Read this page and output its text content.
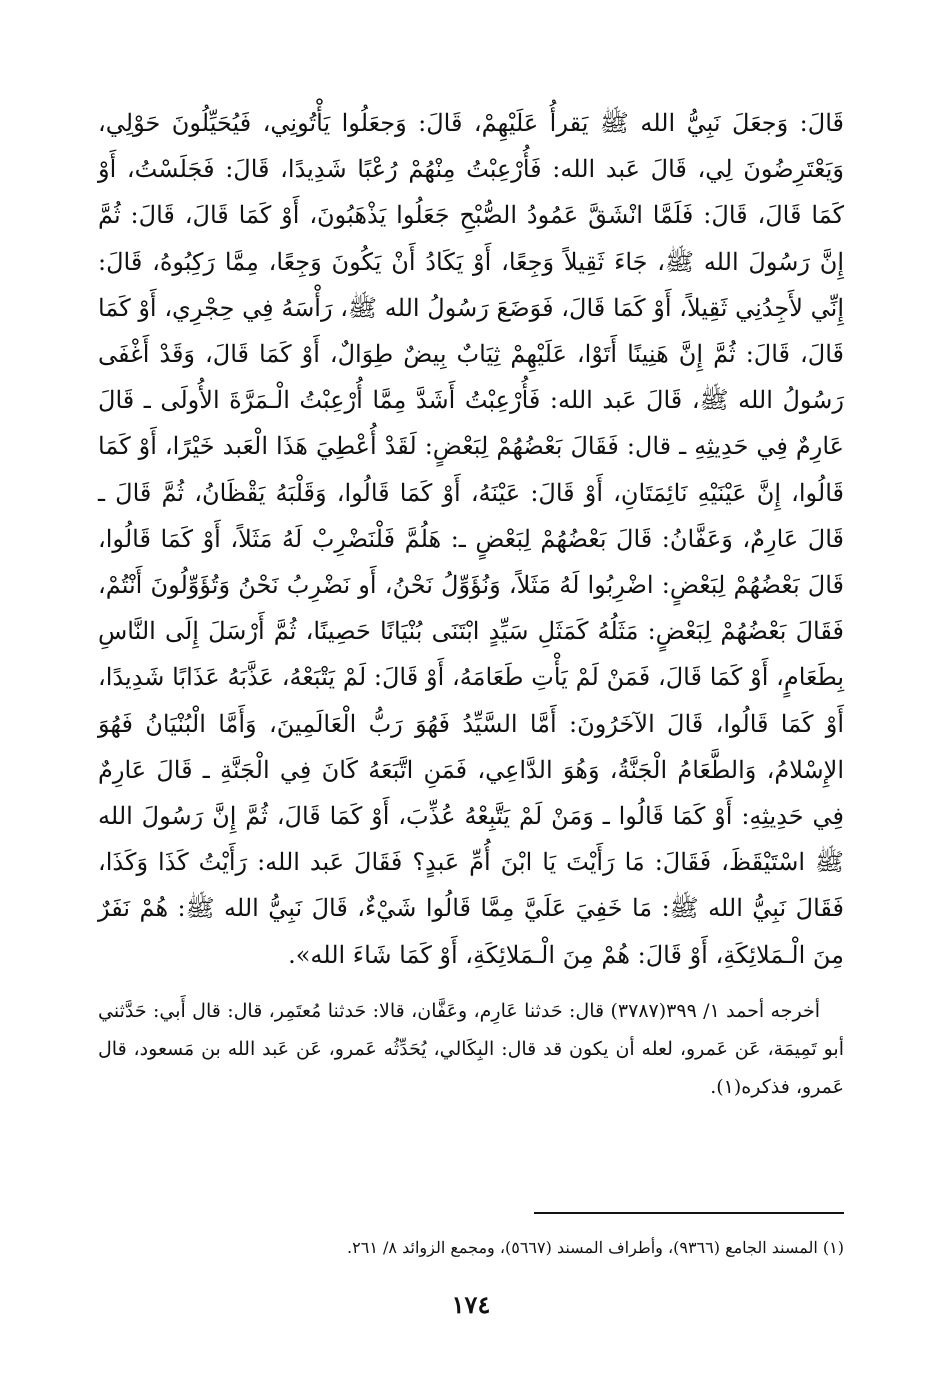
قَالَ: وَجعَلَ نَبِيُّ الله ﷺ يَقرأُ عَلَيْهِمْ، قَالَ: وَجعَلُوا يَأْتُونِي، فَيُحَيِّلُونَ حَوْلِي، وَيَعْتَرِضُونَ لِي، قَالَ عَبد الله: فَأُرْعِبْتُ مِنْهُمْ رُعْبًا شَدِيدًا، قَالَ: فَجَلَسْتُ، أَوْ كَمَا قَالَ، قَالَ: فَلَمَّا انْشَقَّ عَمُودُ الصُّبْحِ جَعَلُوا يَذْهَبُونَ، أَوْ كَمَا قَالَ، قَالَ: ثُمَّ إِنَّ رَسُولَ الله ﷺ، جَاءَ ثَقِيلاً وَجِعًا، أَوْ يَكَادُ أَنْ يَكُونَ وَجِعًا، مِمَّا رَكِبُوهُ، قَالَ: إِنِّي لأَجِدُنِي ثَقِيلاً، أَوْ كَمَا قَالَ، فَوَضَعَ رَسُولُ الله ﷺ، رَأْسَهُ فِي حِجْرِي، أَوْ كَمَا قَالَ، قَالَ: ثُمَّ إِنَّ هَنِينًا أَتَوْا، عَلَيْهِمْ ثِيَابٌ بِيضٌ طِوَالٌ، أَوْ كَمَا قَالَ، وَقَدْ أَغْفَى رَسُولُ الله ﷺ، قَالَ عَبد الله: فَأُرْعِبْتُ أَشَدَّ مِمَّا أُرْعِبْتُ الْـمَرَّةَ الأُولَى ـ قَالَ عَارِمٌ فِي حَدِيثِهِ ـ قال: فَقَالَ بَعْضُهُمْ لِبَعْضٍ: لَقَدْ أُعْطِيَ هَذَا الْعَبد خَيْرًا، أَوْ كَمَا قَالُوا، إِنَّ عَيْنَيْهِ نَائِمَتَانِ، أَوْ قَالَ: عَيْنَهُ، أَوْ كَمَا قَالُوا، وَقَلْبَهُ يَقْظَانُ، ثُمَّ قَالَ ـ قَالَ عَارِمٌ، وَعَفَّانُ: قَالَ بَعْضُهُمْ لِبَعْضٍ ـ: هَلُمَّ فَلْنَضْرِبْ لَهُ مَثَلاً، أَوْ كَمَا قَالُوا، قَالَ بَعْضُهُمْ لِبَعْضٍ: اضْرِبُوا لَهُ مَثَلاً، وَنُؤَوِّلُ نَحْنُ، أَو نَضْرِبُ نَحْنُ وَتُؤَوِّلُونَ أَنْتُمْ، فَقَالَ بَعْضُهُمْ لِبَعْضٍ: مَثَلُهُ كَمَثَلِ سَيِّدٍ ابْتَنَى بُنْيَانًا حَصِينًا، ثُمَّ أَرْسَلَ إِلَى النَّاسِ بِطَعَامٍ، أَوْ كَمَا قَالَ، فَمَنْ لَمْ يَأْتِ طَعَامَهُ، أَوْ قَالَ: لَمْ يَتْبَعْهُ، عَذَّبَهُ عَذَابًا شَدِيدًا، أَوْ كَمَا قَالُوا، قَالَ الآخَرُونَ: أَمَّا السَّيِّدُ فَهُوَ رَبُّ الْعَالَمِينَ، وَأَمَّا الْبُنْيَانُ فَهُوَ الإِسْلامُ، وَالطَّعَامُ الْجَنَّةُ، وَهُوَ الدَّاعِي، فَمَنِ اتَّبَعَهُ كَانَ فِي الْجَنَّةِ ـ قَالَ عَارِمٌ فِي حَدِيثِهِ: أَوْ كَمَا قَالُوا ـ وَمَنْ لَمْ يَتَّبِعْهُ عُذِّبَ، أَوْ كَمَا قَالَ، ثُمَّ إِنَّ رَسُولَ الله ﷺ اسْتَيْقَظَ، فَقَالَ: مَا رَأَيْتَ يَا ابْنَ أُمِّ عَبدٍ؟ فَقَالَ عَبد الله: رَأَيْتُ كَذَا وَكَذَا، فَقَالَ نَبِيُّ الله ﷺ: مَا خَفِيَ عَلَيَّ مِمَّا قَالُوا شَيْءٌ، قَالَ نَبِيُّ الله ﷺ: هُمْ نَفَرٌ مِنَ الْـمَلائِكَةِ، أَوْ قَالَ: هُمْ مِنَ الْـمَلائِكَةِ، أَوْ كَمَا شَاءَ الله».

أخرجه أحمد ١/ ٣٩٩(٣٧٨٧) قال: حَدثنا عَارِم، وعَفَّان، قالا: حَدثنا مُعتَمِر، قال: قال أَبي: حَدَّثني أبو تَمِيمَة، عَن عَمرو، لعله أن يكون قد قال: البِكَالي، يُحَدِّثُه عَمرو، عَن عَبد الله بن مَسعود، قال عَمرو، فذكره(١).

(١) المسند الجامع (٩٣٦٦)، وأطراف المسند (٥٦٦٧)، ومجمع الزوائد ٨/ ٢٦١.

١٧٤
